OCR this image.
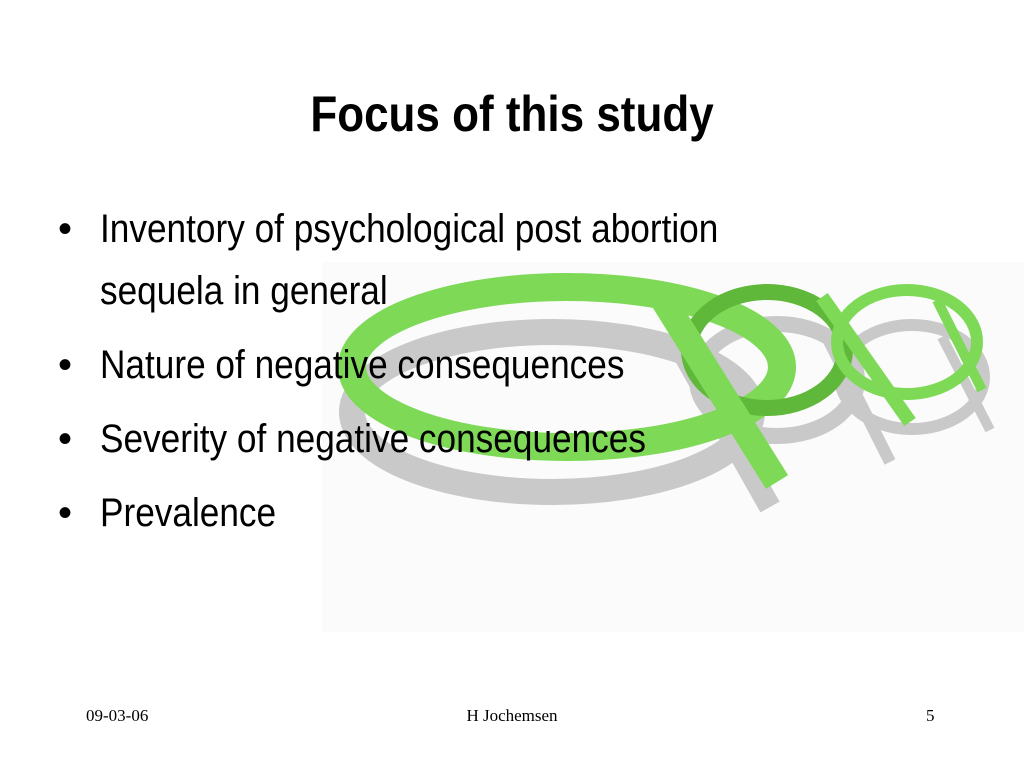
Focus of this study
• Inventory of psychological post abortion sequela in general
• Nature of negative consequences
• Severity of negative consequences
• Prevalence
09-03-06	H Jochemsen	5
